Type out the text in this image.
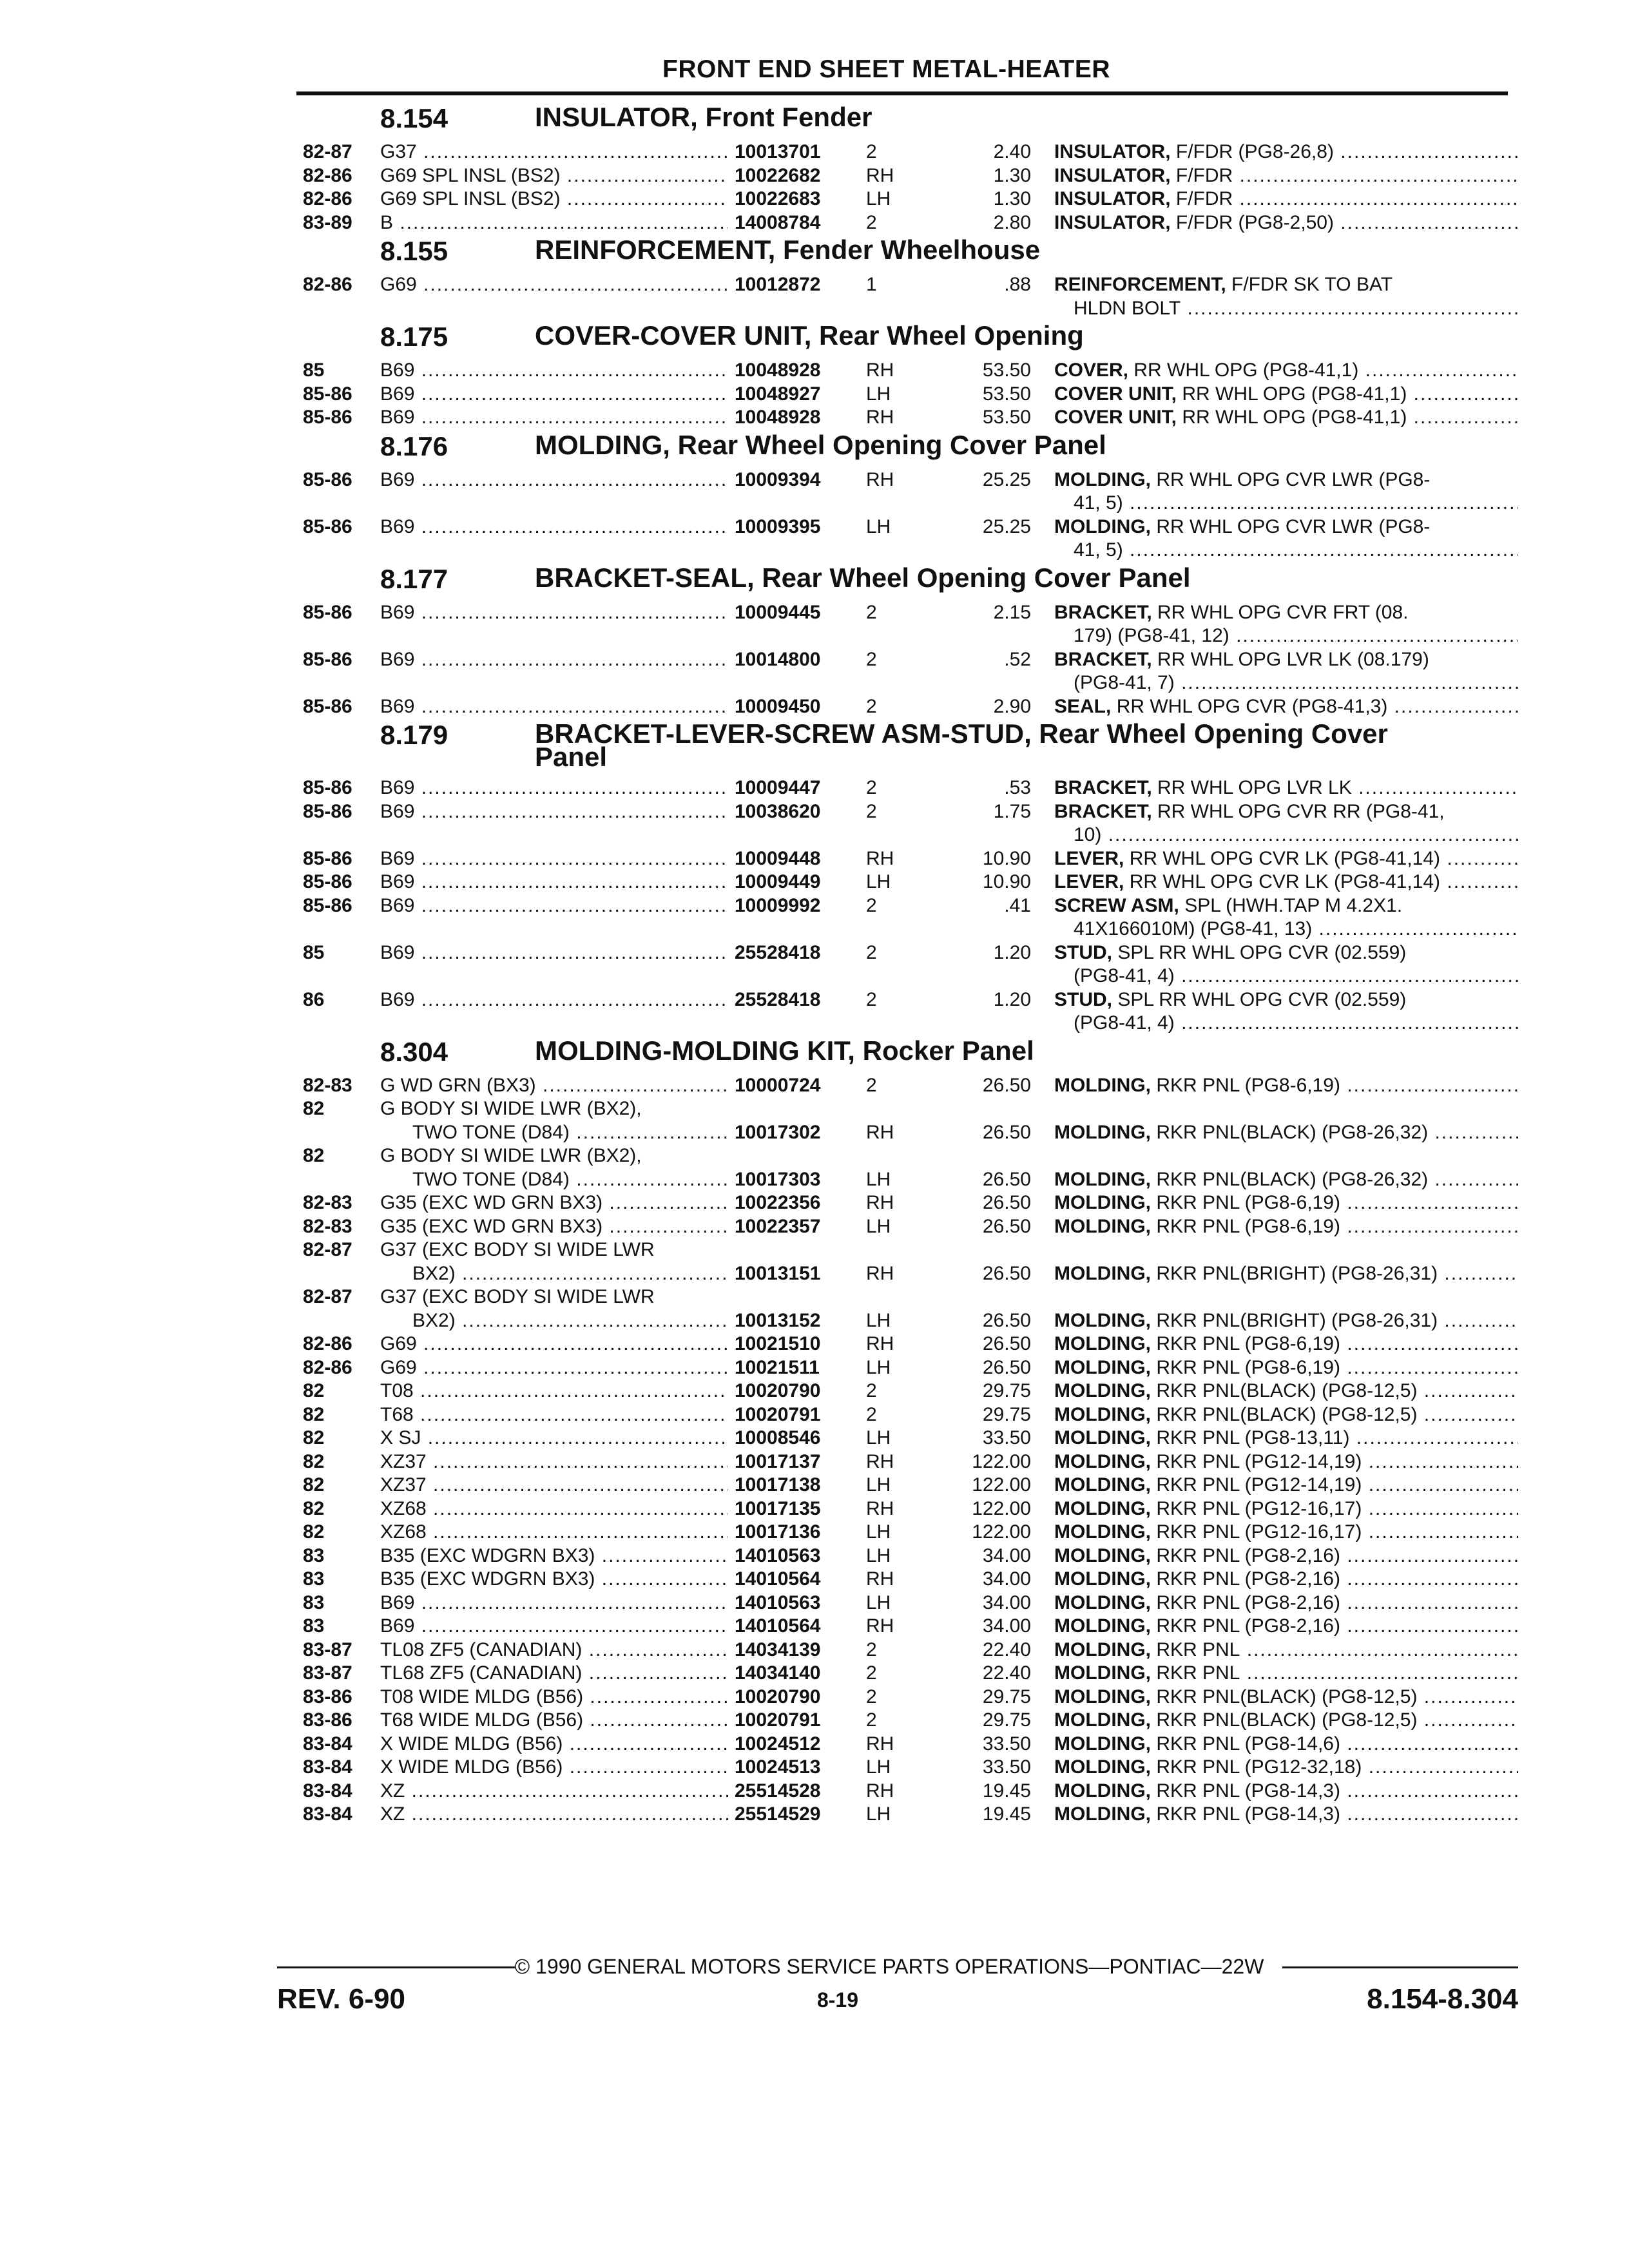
FRONT END SHEET METAL-HEATER
8.154	INSULATOR, Front Fender
82-87 G37 .....	10013701 2	2.40 INSULATOR, F/FDR (PG8-26,8) .....
82-86 G69 SPL INSL (BS2) .....	10022682 RH	1.30 INSULATOR, F/FDR .....
82-86 G69 SPL INSL (BS2) .....	10022683 LH	1.30 INSULATOR, F/FDR .....
83-89 B .....	14008784 2	2.80 INSULATOR, F/FDR (PG8-2,50) .....
8.155	REINFORCEMENT, Fender Wheelhouse
82-86 G69 .....	10012872 1	.88 REINFORCEMENT, F/FDR SK TO BAT
HLDN BOLT .....
8.175	COVER-COVER UNIT, Rear Wheel Opening
85	B69 .....	10048928 RH	53.50 COVER, RR WHL OPG (PG8-41,1) .....
85-86 B69 .....	10048927 LH	53.50 COVER UNIT, RR WHL OPG (PG8-41,1) .....
85-86 B69 .....	10048928 RH	53.50 COVER UNIT, RR WHL OPG (PG8-41,1) .....
8.176	MOLDING, Rear Wheel Opening Cover Panel
85-86 B69 .....	10009394 RH	25.25 MOLDING, RR WHL OPG CVR LWR (PG8-
41, 5) .....
85-86 B69 .....	10009395 LH	25.25 MOLDING, RR WHL OPG CVR LWR (PG8-
41, 5) .....
8.177	BRACKET-SEAL, Rear Wheel Opening Cover Panel
85-86 B69 .....	10009445 2	2.15 BRACKET, RR WHL OPG CVR FRT (08.
179) (PG8-41, 12) .....
85-86 B69 .....	10014800 2	.52 BRACKET, RR WHL OPG LVR LK (08.179)
(PG8-41, 7) .....
85-86 B69 .....	10009450 2	2.90 SEAL, RR WHL OPG CVR (PG8-41,3) .....
8.179	BRACKET-LEVER-SCREW ASM-STUD, Rear Wheel Opening Cover Panel
85-86 B69 .....	10009447 2	.53 BRACKET, RR WHL OPG LVR LK .....
85-86 B69 .....	10038620 2	1.75 BRACKET, RR WHL OPG CVR RR (PG8-41,
10) .....
85-86 B69 .....	10009448 RH	10.90 LEVER, RR WHL OPG CVR LK (PG8-41,14) .....
85-86 B69 .....	10009449 LH	10.90 LEVER, RR WHL OPG CVR LK (PG8-41,14) .....
85-86 B69 .....	10009992 2	.41 SCREW ASM, SPL (HWH.TAP M 4.2X1.
41X166010M) (PG8-41, 13) .....
85	B69 .....	25528418 2	1.20 STUD, SPL RR WHL OPG CVR (02.559)
(PG8-41, 4) .....
86	B69 .....	25528418 2	1.20 STUD, SPL RR WHL OPG CVR (02.559)
(PG8-41, 4) .....
8.304	MOLDING-MOLDING KIT, Rocker Panel
82-83 G WD GRN (BX3) .....	10000724 2	26.50 MOLDING, RKR PNL (PG8-6,19) .....
82	G BODY SI WIDE LWR (BX2),
TWO TONE (D84) .....	10017302 RH	26.50 MOLDING, RKR PNL(BLACK) (PG8-26,32) .....
82	G BODY SI WIDE LWR (BX2),
TWO TONE (D84) .....	10017303 LH	26.50 MOLDING, RKR PNL(BLACK) (PG8-26,32) .....
82-83 G35 (EXC WD GRN BX3) .....	10022356 RH	26.50 MOLDING, RKR PNL (PG8-6,19) .....
82-83 G35 (EXC WD GRN BX3) .....	10022357 LH	26.50 MOLDING, RKR PNL (PG8-6,19) .....
82-87 G37 (EXC BODY SI WIDE LWR
BX2) .....	10013151 RH	26.50 MOLDING, RKR PNL(BRIGHT) (PG8-26,31) .....
82-87 G37 (EXC BODY SI WIDE LWR
BX2) .....	10013152 LH	26.50 MOLDING, RKR PNL(BRIGHT) (PG8-26,31) .....
82-86 G69 .....	10021510 RH	26.50 MOLDING, RKR PNL (PG8-6,19) .....
82-86 G69 .....	10021511 LH	26.50 MOLDING, RKR PNL (PG8-6,19) .....
82	T08 .....	10020790 2	29.75 MOLDING, RKR PNL(BLACK) (PG8-12,5) .....
82	T68 .....	10020791 2	29.75 MOLDING, RKR PNL(BLACK) (PG8-12,5) .....
82	X SJ .....	10008546 LH	33.50 MOLDING, RKR PNL (PG8-13,11) .....
82	XZ37 .....	10017137 RH	122.00 MOLDING, RKR PNL (PG12-14,19) .....
82	XZ37 .....	10017138 LH	122.00 MOLDING, RKR PNL (PG12-14,19) .....
82	XZ68 .....	10017135 RH	122.00 MOLDING, RKR PNL (PG12-16,17) .....
82	XZ68 .....	10017136 LH	122.00 MOLDING, RKR PNL (PG12-16,17) .....
83	B35 (EXC WDGRN BX3) .....	14010563 LH	34.00 MOLDING, RKR PNL (PG8-2,16) .....
83	B35 (EXC WDGRN BX3) .....	14010564 RH	34.00 MOLDING, RKR PNL (PG8-2,16) .....
83	B69 .....	14010563 LH	34.00 MOLDING, RKR PNL (PG8-2,16) .....
83	B69 .....	14010564 RH	34.00 MOLDING, RKR PNL (PG8-2,16) .....
83-87 TL08 ZF5 (CANADIAN) .....	14034139 2	22.40 MOLDING, RKR PNL .....
83-87 TL68 ZF5 (CANADIAN) .....	14034140 2	22.40 MOLDING, RKR PNL .....
83-86 T08 WIDE MLDG (B56) .....	10020790 2	29.75 MOLDING, RKR PNL(BLACK) (PG8-12,5) .....
83-86 T68 WIDE MLDG (B56) .....	10020791 2	29.75 MOLDING, RKR PNL(BLACK) (PG8-12,5) .....
83-84 X WIDE MLDG (B56) .....	10024512 RH	33.50 MOLDING, RKR PNL (PG8-14,6) .....
83-84 X WIDE MLDG (B56) .....	10024513 LH	33.50 MOLDING, RKR PNL (PG12-32,18) .....
83-84 XZ .....	25514528 RH	19.45 MOLDING, RKR PNL (PG8-14,3) .....
83-84 XZ .....	25514529 LH	19.45 MOLDING, RKR PNL (PG8-14,3) .....
© 1990 GENERAL MOTORS SERVICE PARTS OPERATIONS—PONTIAC—22W
REV. 6-90	8-19	8.154-8.304
